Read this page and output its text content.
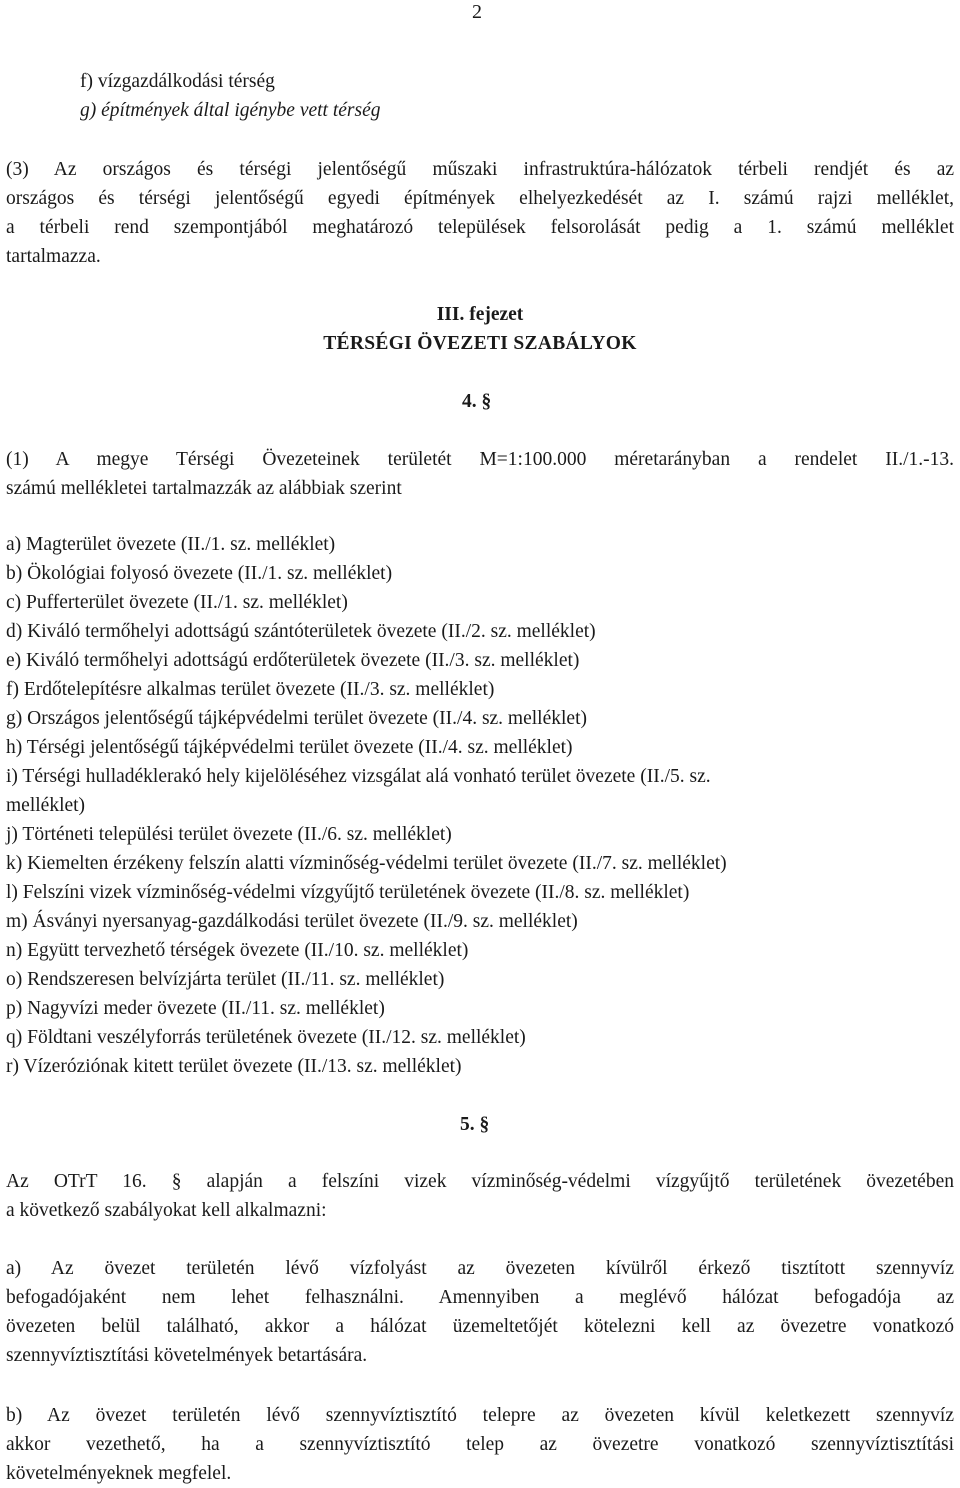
2
f) vízgazdálkodási térség
g) építmények által igénybe vett térség
(3) Az országos és térségi jelentőségű műszaki infrastruktúra-hálózatok térbeli rendjét és az
országos és térségi jelentőségű egyedi építmények elhelyezkedését az I. számú rajzi melléklet,
a térbeli rend szempontjából meghatározó települések felsorolását pedig a 1. számú melléklet
tartalmazza.
III. fejezet
TÉRSÉGI ÖVEZETI SZABÁLYOK
4. §
(1) A megye Térségi Övezeteinek területét M=1:100.000 méretarányban a rendelet II./1.-13.
számú mellékletei tartalmazzák az alábbiak szerint
a) Magterület övezete (II./1. sz. melléklet)
b) Ökológiai folyosó övezete (II./1. sz. melléklet)
c) Pufferterület övezete (II./1. sz. melléklet)
d) Kiváló termőhelyi adottságú szántóterületek övezete (II./2. sz. melléklet)
e) Kiváló termőhelyi adottságú erdőterületek övezete (II./3. sz. melléklet)
f) Erdőtelepítésre alkalmas terület övezete (II./3. sz. melléklet)
g) Országos jelentőségű tájképvédelmi terület övezete (II./4. sz. melléklet)
h) Térségi jelentőségű tájképvédelmi terület övezete (II./4. sz. melléklet)
i) Térségi hulladéklerakó hely kijelöléséhez vizsgálat alá vonható terület övezete (II./5. sz.
melléklet)
j) Történeti települési terület övezete (II./6. sz. melléklet)
k) Kiemelten érzékeny felszín alatti vízminőség-védelmi terület övezete (II./7. sz. melléklet)
l) Felszíni vizek vízminőség-védelmi vízgyűjtő területének övezete (II./8. sz. melléklet)
m) Ásványi nyersanyag-gazdálkodási terület övezete (II./9. sz. melléklet)
n) Együtt tervezhető térségek övezete (II./10. sz. melléklet)
o) Rendszeresen belvízjárta terület (II./11. sz. melléklet)
p) Nagyvízi meder övezete (II./11. sz. melléklet)
q) Földtani veszélyforrás területének övezete (II./12. sz. melléklet)
r) Vízeróziónak kitett terület övezete (II./13. sz. melléklet)
5. §
Az OTrT 16. § alapján a felszíni vizek vízminőség-védelmi vízgyűjtő területének övezetében
a következő szabályokat kell alkalmazni:
a) Az övezet területén lévő vízfolyást az övezeten kívülről érkező tisztított szennyvíz
befogadójaként nem lehet felhasználni. Amennyiben a meglévő hálózat befogadója az
övezeten belül található, akkor a hálózat üzemeltetőjét kötelezni kell az övezetre vonatkozó
szennyvíztisztítási követelmények betartására.
b) Az övezet területén lévő szennyvíztisztító telepre az övezeten kívül keletkezett szennyvíz
akkor vezethető, ha a szennyvíztisztító telep az övezetre vonatkozó szennyvíztisztítási
követelményeknek megfelel.
